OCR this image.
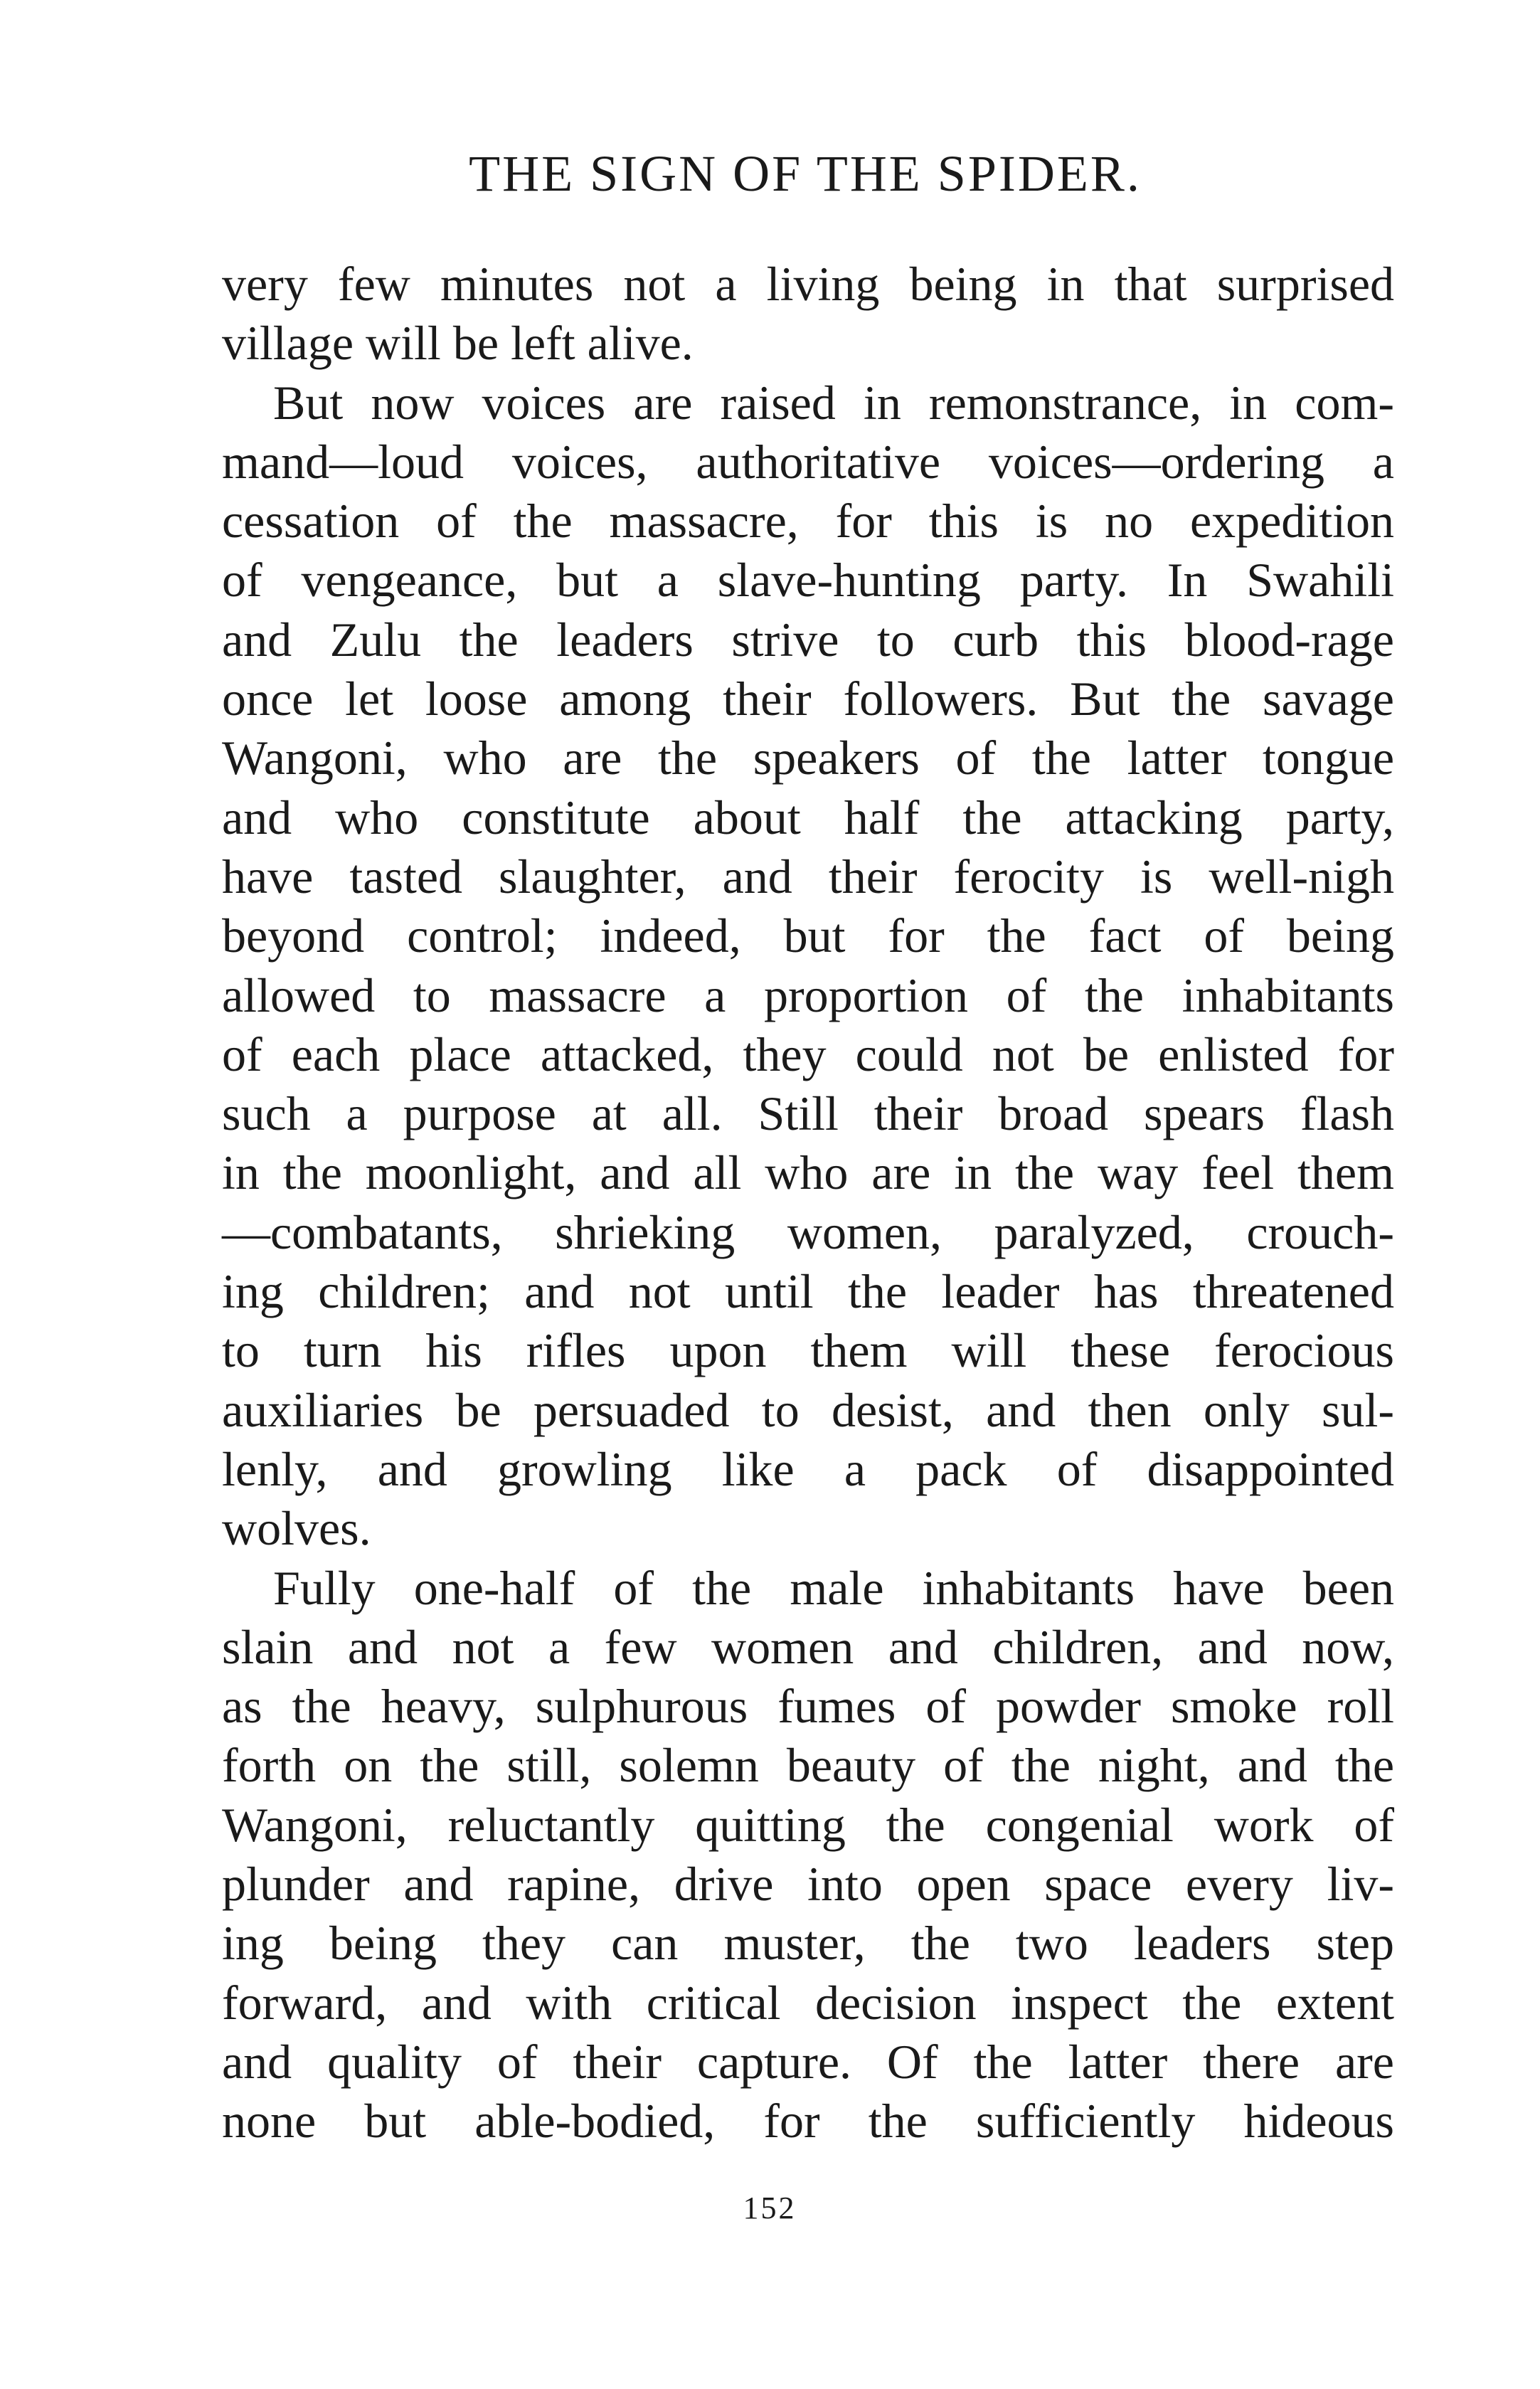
THE SIGN OF THE SPIDER.
very few minutes not a living being in that surprised
village will be left alive.
But now voices are raised in remonstrance, in com-
mand—loud voices, authoritative voices—ordering a
cessation of the massacre, for this is no expedition
of vengeance, but a slave-hunting party. In Swahili
and Zulu the leaders strive to curb this blood-rage
once let loose among their followers. But the savage
Wangoni, who are the speakers of the latter tongue
and who constitute about half the attacking party,
have tasted slaughter, and their ferocity is well-nigh
beyond control; indeed, but for the fact of being
allowed to massacre a proportion of the inhabitants
of each place attacked, they could not be enlisted for
such a purpose at all. Still their broad spears flash
in the moonlight, and all who are in the way feel them
—combatants, shrieking women, paralyzed, crouch-
ing children; and not until the leader has threatened
to turn his rifles upon them will these ferocious
auxiliaries be persuaded to desist, and then only sul-
lenly, and growling like a pack of disappointed
wolves.
Fully one-half of the male inhabitants have been
slain and not a few women and children, and now,
as the heavy, sulphurous fumes of powder smoke roll
forth on the still, solemn beauty of the night, and the
Wangoni, reluctantly quitting the congenial work of
plunder and rapine, drive into open space every liv-
ing being they can muster, the two leaders step
forward, and with critical decision inspect the extent
and quality of their capture. Of the latter there are
none but able-bodied, for the sufficiently hideous
152
